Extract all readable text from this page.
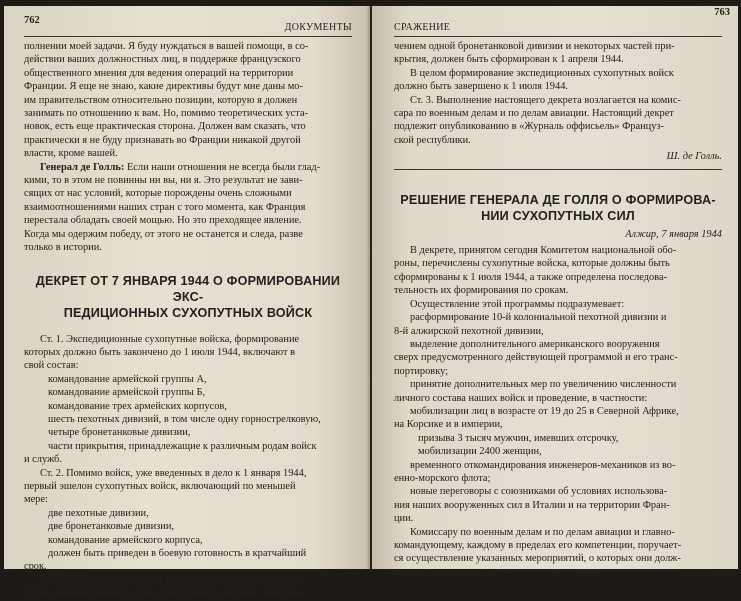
762
ДОКУМЕНТЫ

полнении моей задачи. Я буду нуждаться в вашей помощи, в со-

действии ваших должностных лиц, в поддержке французского

общественного мнения для ведения операций на территории

Франции. Я еще не знаю, какие директивы будут мне даны мо-

им правительством относительно позиции, которую я должен

занимать по отношению к вам. Но, помимо теоретических уста-

новок, есть еще практическая сторона. Должен вам сказать, что

практически я не буду признавать во Франции никакой другой

власти, кроме вашей.

Генерал де Голль: Если наши отношения не всегда были глад-

кими, то в этом не повинны ни вы, ни я. Это результат не зави-

сящих от нас условий, которые порождены очень сложными

взаимоотношениями наших стран с того момента, как Франция

перестала обладать своей мощью. Но это преходящее явление.

Когда мы одержим победу, от этого не останется и следа, разве

только в истории.

ДЕКРЕТ ОТ 7 ЯНВАРЯ 1944 О ФОРМИРОВАНИИ ЭКС-
ПЕДИЦИОННЫХ СУХОПУТНЫХ ВОЙСК

Ст. 1. Экспедиционные сухопутные войска, формирование

которых должно быть закончено до 1 июля 1944, включают в

свой состав:

командование армейской группы А,

командование армейской группы Б,

командование трех армейских корпусов,

шесть пехотных дивизий, в том числе одну горнострелковую,

четыре бронетанковые дивизии,

части прикрытия, принадлежащие к различным родам войск

и служб.

Ст. 2. Помимо войск, уже введенных в дело к 1 января 1944,

первый эшелон сухопутных войск, включающий по меньшей

мере:

две пехотные дивизии,

две бронетанковые дивизии,

командование армейского корпуса,

должен быть приведен в боевую готовность в кратчайший

срок.

Второй эшелон сухопутных войск, включающий остальные

части, перечисленные в статье 1 настоящего декрета, за исклю-

СРАЖЕНИЕ
763

чением одной бронетанковой дивизии и некоторых частей при-

крытия, должен быть сформирован к 1 апреля 1944.

В целом формирование экспедиционных сухопутных войск

должно быть завершено к 1 июля 1944.

Ст. 3. Выполнение настоящего декрета возлагается на комис-

сара по военным делам и по делам авиации. Настоящий декрет

подлежит опубликованию в «Журналь оффисьель» Француз-

ской республики.

Ш. де Голль.

РЕШЕНИЕ ГЕНЕРАЛА ДЕ ГОЛЛЯ О ФОРМИРОВА-
НИИ СУХОПУТНЫХ СИЛ

Алжир, 7 января 1944

В декрете, принятом сегодня Комитетом национальной обо-

роны, перечислены сухопутные войска, которые должны быть

сформированы к 1 июля 1944, а также определена последова-

тельность их формирования по срокам.

Осуществление этой программы подразумевает:

расформирование 10-й колониальной пехотной дивизии и

8-й алжирской пехотной дивизии,

выделение дополнительного американского вооружения

сверх предусмотренного действующей программой и его транс-

портировку;

принятие дополнительных мер по увеличению численности

личного состава наших войск и проведение, в частности:

мобилизации лиц в возрасте от 19 до 25 в Северной Африке,

на Корсике и в империи,

призыва 3 тысяч мужчин, имевших отсрочку,

мобилизации 2400 женщин,

временного откомандирования инженеров-механиков из во-

енно-морского флота;

новые переговоры с союзниками об условиях использова-

ния наших вооруженных сил в Италии и на территории Фран-

ции.

Комиссару по военным делам и по делам авиации и главно-

командующему, каждому в пределах его компетенции, поручает-

ся осуществление указанных мероприятий, о которых они долж-

ны мне докладывать по мере их осуществления.
